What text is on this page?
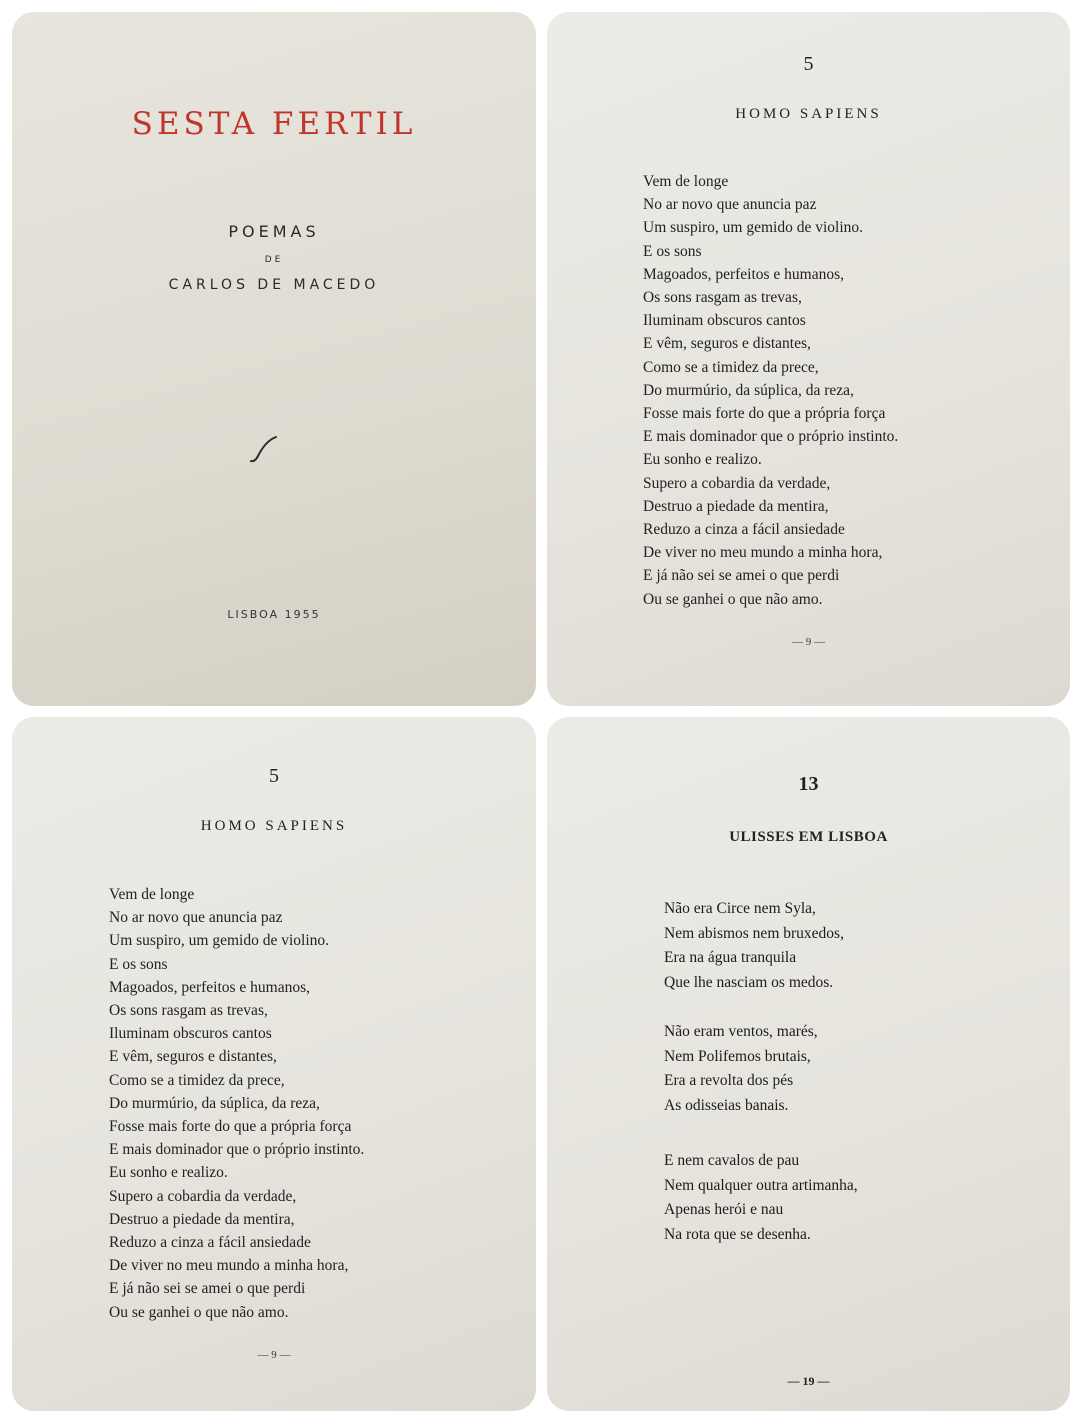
SESTA FERTIL
POEMAS
DE
CARLOS DE MACEDO
LISBOA 1955
5
HOMO SAPIENS
Vem de longe
No ar novo que anuncia paz
Um suspiro, um gemido de violino.
E os sons
Magoados, perfeitos e humanos,
Os sons rasgam as trevas,
Iluminam obscuros cantos
E vêm, seguros e distantes,
Como se a timidez da prece,
Do murmúrio, da súplica, da reza,
Fosse mais forte do que a própria força
E mais dominador que o próprio instinto.
Eu sonho e realizo.
Supero a cobardia da verdade,
Destruo a piedade da mentira,
Reduzo a cinza a fácil ansiedade
De viver no meu mundo a minha hora,
E já não sei se amei o que perdi
Ou se ganhei o que não amo.
— 9 —
5
HOMO SAPIENS
Vem de longe
No ar novo que anuncia paz
Um suspiro, um gemido de violino.
E os sons
Magoados, perfeitos e humanos,
Os sons rasgam as trevas,
Iluminam obscuros cantos
E vêm, seguros e distantes,
Como se a timidez da prece,
Do murmúrio, da súplica, da reza,
Fosse mais forte do que a própria força
E mais dominador que o próprio instinto.
Eu sonho e realizo.
Supero a cobardia da verdade,
Destruo a piedade da mentira,
Reduzo a cinza a fácil ansiedade
De viver no meu mundo a minha hora,
E já não sei se amei o que perdi
Ou se ganhei o que não amo.
— 9 —
13
ULISSES EM LISBOA
Não era Circe nem Syla,
Nem abismos nem bruxedos,
Era na água tranquila
Que lhe nasciam os medos.
Não eram ventos, marés,
Nem Polifemos brutais,
Era a revolta dos pés
As odisseias banais.
E nem cavalos de pau
Nem qualquer outra artimanha,
Apenas herói e nau
Na rota que se desenha.
— 19 —
